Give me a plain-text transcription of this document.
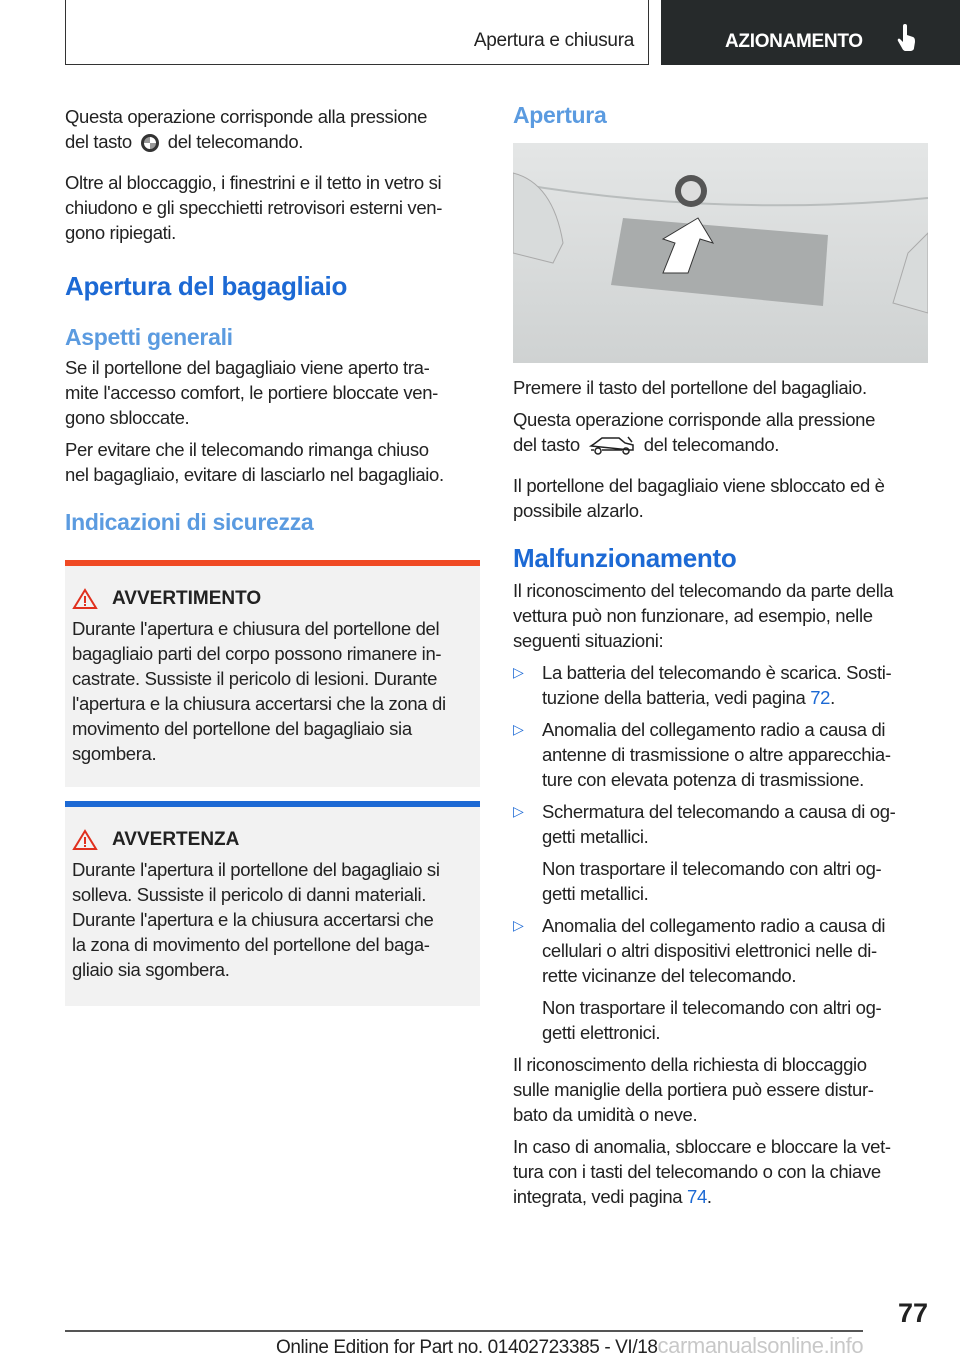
Apertura e chiusura	AZIONAMENTO

Questa operazione corrisponde alla pressione
del tasto del telecomando.

Oltre al bloccaggio, i finestrini e il tetto in vetro si
chiudono e gli specchietti retrovisori esterni ven-
gono ripiegati.

Apertura del bagagliaio
Aspetti generali

Se il portellone del bagagliaio viene aperto tra-
mite l'accesso comfort, le portiere bloccate ven-
gono sbloccate.

Per evitare che il telecomando rimanga chiuso
nel bagagliaio, evitare di lasciarlo nel bagagliaio.

Indicazioni di sicurezza
AVVERTIMENTO

Durante l'apertura e chiusura del portellone del
bagagliaio parti del corpo possono rimanere in-
castrate. Sussiste il pericolo di lesioni. Durante
l'apertura e la chiusura accertarsi che la zona di
movimento del portellone del bagagliaio sia
sgombera.

AVVERTENZA

Durante l'apertura il portellone del bagagliaio si
solleva. Sussiste il pericolo di danni materiali.
Durante l'apertura e la chiusura accertarsi che
la zona di movimento del portellone del baga-
gliaio sia sgombera.

Apertura

Premere il tasto del portellone del bagagliaio.

Questa operazione corrisponde alla pressione
del tasto	del telecomando.

Il portellone del bagagliaio viene sbloccato ed è
possibile alzarlo.

Malfunzionamento

Il riconoscimento del telecomando da parte della
vettura può non funzionare, ad esempio, nelle
seguenti situazioni:

▷ La batteria del telecomando è scarica. Sosti-
tuzione della batteria, vedi pagina 72.
▷ Anomalia del collegamento radio a causa di
antenne di trasmissione o altre apparecchia-
ture con elevata potenza di trasmissione.
▷ Schermatura del telecomando a causa di og-
getti metallici.
Non trasportare il telecomando con altri og-
getti metallici.
▷ Anomalia del collegamento radio a causa di
cellulari o altri dispositivi elettronici nelle di-
rette vicinanze del telecomando.
Non trasportare il telecomando con altri og-
getti elettronici.

Il riconoscimento della richiesta di bloccaggio
sulle maniglie della portiera può essere distur-
bato da umidità o neve.

In caso di anomalia, sbloccare e bloccare la vet-
tura con i tasti del telecomando o con la chiave
integrata, vedi pagina 74.

77
Online Edition for Part no. 01402723385 - VI/18carmanualsonline.info
